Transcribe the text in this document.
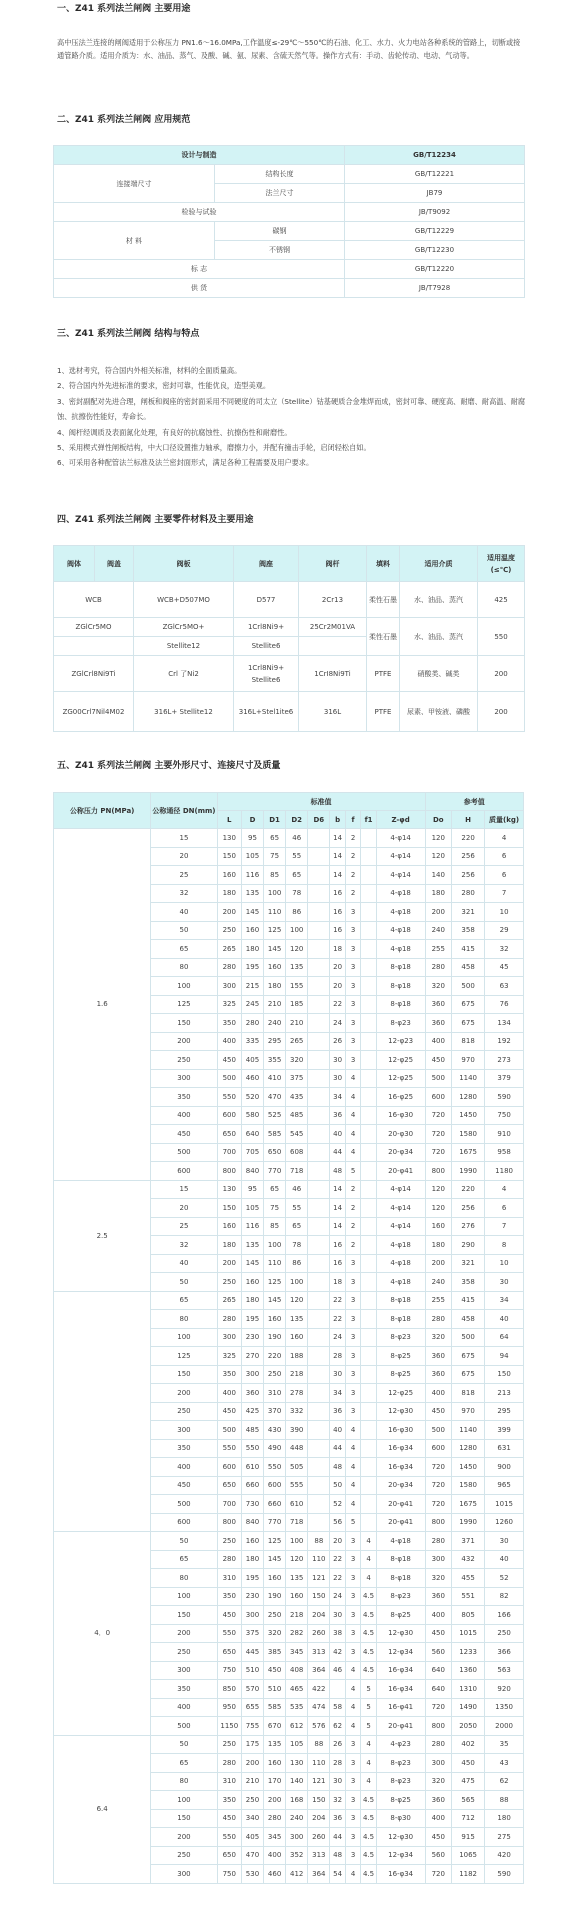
一、Z41 系列法兰闸阀 主要用途

高中压法兰连接的闸阀适用于公称压力 PN1.6～16.0MPa,工作温度≤-29℃～550℃的石油、化工、水力、火力电站各种系统的管路上，切断或接通管路介质。适用介质为：水、油品、蒸气、及酸、碱、氨、尿素、含硫天然气等。操作方式有：手动、齿轮传动、电动、气动等。

二、Z41 系列法兰闸阀 应用规范
设计与制造		GB/T12234
连接端尺寸	结构长度	GB/T12221
	法兰尺寸	JB79
检验与试验		JB/T9092
材 料	碳钢	GB/T12229
	不锈钢	GB/T12230
标 志		GB/T12220
供 货		JB/T7928
三、Z41 系列法兰闸阀 结构与特点
1、选材考究，符合国内外相关标准，材料的全面质量高。
2、符合国内外先进标准的要求，密封可靠，性能优良，造型美观。
3、密封副配对先进合理，闸板和阀座的密封面采用不同硬度的司太立（Stellite）钴基硬质合金堆焊而成，密封可靠、硬度高、耐磨、耐高温、耐腐蚀、抗擦伤性能好，寿命长。
4、阀杆经调质及表面氮化处理，有良好的抗腐蚀性、抗擦伤性和耐磨性。
5、采用楔式弹性闸板结构，中大口径设置推力轴承，磨擦力小，并配有撞击手轮，启闭轻松自如。
6、可采用各种配管法兰标准及法兰密封面形式，满足各种工程需要及用户要求。
四、Z41 系列法兰闸阀 主要零件材料及主要用途
阀体	阀盖	阀板	阀座	阀杆	填料	适用介质	适用温度(≤℃)
WCB		WCB+D507MO	D577	2Cr13	柔性石墨	水、油品、蒸汽	425
ZGlCr5MO		ZGlCr5MO+	1Crl8Ni9+	25Cr2M01VA	柔性石墨	水、油品、蒸汽	550
		Stellite12	Stellite6				
ZGlCrl8Ni9Ti		Crl 了Ni2	1Crl8Ni9+ Stellite6	1CrI8Ni9Ti	PTFE	硝酸类、碱类	200
ZG00Crl7Nil4M02		316L+ Stellite12	316L+Stel1ite6	316L	PTFE	尿素、甲铵液、磷酸	200
五、Z41 系列法兰闸阀 主要外形尺寸、连接尺寸及质量
公称压力 PN(MPa)	公称通径 DN(mm)	标准值									参考值		
		L	D	D1	D2	D6	b	f	f1	Z-φd	Do	H	质量(kg)
1.6	15	130	95	65	46		14	2		4-φ14	120	220	4
	20	150	105	75	55		14	2		4-φ14	120	256	6
	25	160	116	85	65		14	2		4-φ14	140	256	6
	32	180	135	100	78		16	2		4-φ18	180	280	7
	40	200	145	110	86		16	3		4-φ18	200	321	10
	50	250	160	125	100		16	3		4-φ18	240	358	29
	65	265	180	145	120		18	3		4-φ18	255	415	32
	80	280	195	160	135		20	3		8-φ18	280	458	45
	100	300	215	180	155		20	3		8-φ18	320	500	63
	125	325	245	210	185		22	3		8-φ18	360	675	76
	150	350	280	240	210		24	3		8-φ23	360	675	134
	200	400	335	295	265		26	3		12-φ23	400	818	192
	250	450	405	355	320		30	3		12-φ25	450	970	273
	300	500	460	410	375		30	4		12-φ25	500	1140	379
	350	550	520	470	435		34	4		16-φ25	600	1280	590
	400	600	580	525	485		36	4		16-φ30	720	1450	750
	450	650	640	585	545		40	4		20-φ30	720	1580	910
	500	700	705	650	608		44	4		20-φ34	720	1675	958
	600	800	840	770	718		48	5		20-φ41	800	1990	1180
2.5	15	130	95	65	46		14	2		4-φ14	120	220	4
	20	150	105	75	55		14	2		4-φ14	120	256	6
	25	160	116	85	65		14	2		4-φ14	160	276	7
	32	180	135	100	78		16	2		4-φ18	180	290	8
	40	200	145	110	86		16	3		4-φ18	200	321	10
	50	250	160	125	100		18	3		4-φ18	240	358	30
	65	265	180	145	120		22	3		8-φ18	255	415	34
	80	280	195	160	135		22	3		8-φ18	280	458	40
	100	300	230	190	160		24	3		8-φ23	320	500	64
	125	325	270	220	188		28	3		8-φ25	360	675	94
	150	350	300	250	218		30	3		8-φ25	360	675	150
	200	400	360	310	278		34	3		12-φ25	400	818	213
	250	450	425	370	332		36	3		12-φ30	450	970	295
	300	500	485	430	390		40	4		16-φ30	500	1140	399
	350	550	550	490	448		44	4		16-φ34	600	1280	631
	400	600	610	550	505		48	4		16-φ34	720	1450	900
	450	650	660	600	555		50	4		20-φ34	720	1580	965
	500	700	730	660	610		52	4		20-φ41	720	1675	1015
	600	800	840	770	718		56	5		20-φ41	800	1990	1260
4．0	50	250	160	125	100	88	20	3	4	4-φ18	280	371	30
	65	280	180	145	120	110	22	3	4	8-φ18	300	432	40
	80	310	195	160	135	121	22	3	4	8-φ18	320	455	52
	100	350	230	190	160	150	24	3	4.5	8-φ23	360	551	82
	150	450	300	250	218	204	30	3	4.5	8-φ25	400	805	166
	200	550	375	320	282	260	38	3	4.5	12-φ30	450	1015	250
	250	650	445	385	345	313	42	3	4.5	12-φ34	560	1233	366
	300	750	510	450	408	364	46	4	4.5	16-φ34	640	1360	563
	350	850	570	510	465	422		4	5	16-φ34	640	1310	920
	400	950	655	585	535	474	58	4	5	16-φ41	720	1490	1350
	500	1150	755	670	612	576	62	4	5	20-φ41	800	2050	2000
6.4	50	250	175	135	105	88	26	3	4	4-φ23	280	402	35
	65	280	200	160	130	110	28	3	4	8-φ23	300	450	43
	80	310	210	170	140	121	30	3	4	8-φ23	320	475	62
	100	350	250	200	168	150	32	3	4.5	8-φ25	360	565	88
	150	450	340	280	240	204	36	3	4.5	8-φ30	400	712	180
	200	550	405	345	300	260	44	3	4.5	12-φ30	450	915	275
	250	650	470	400	352	313	48	3	4.5	12-φ34	560	1065	420
	300	750	530	460	412	364	54	4	4.5	16-φ34	720	1182	590
